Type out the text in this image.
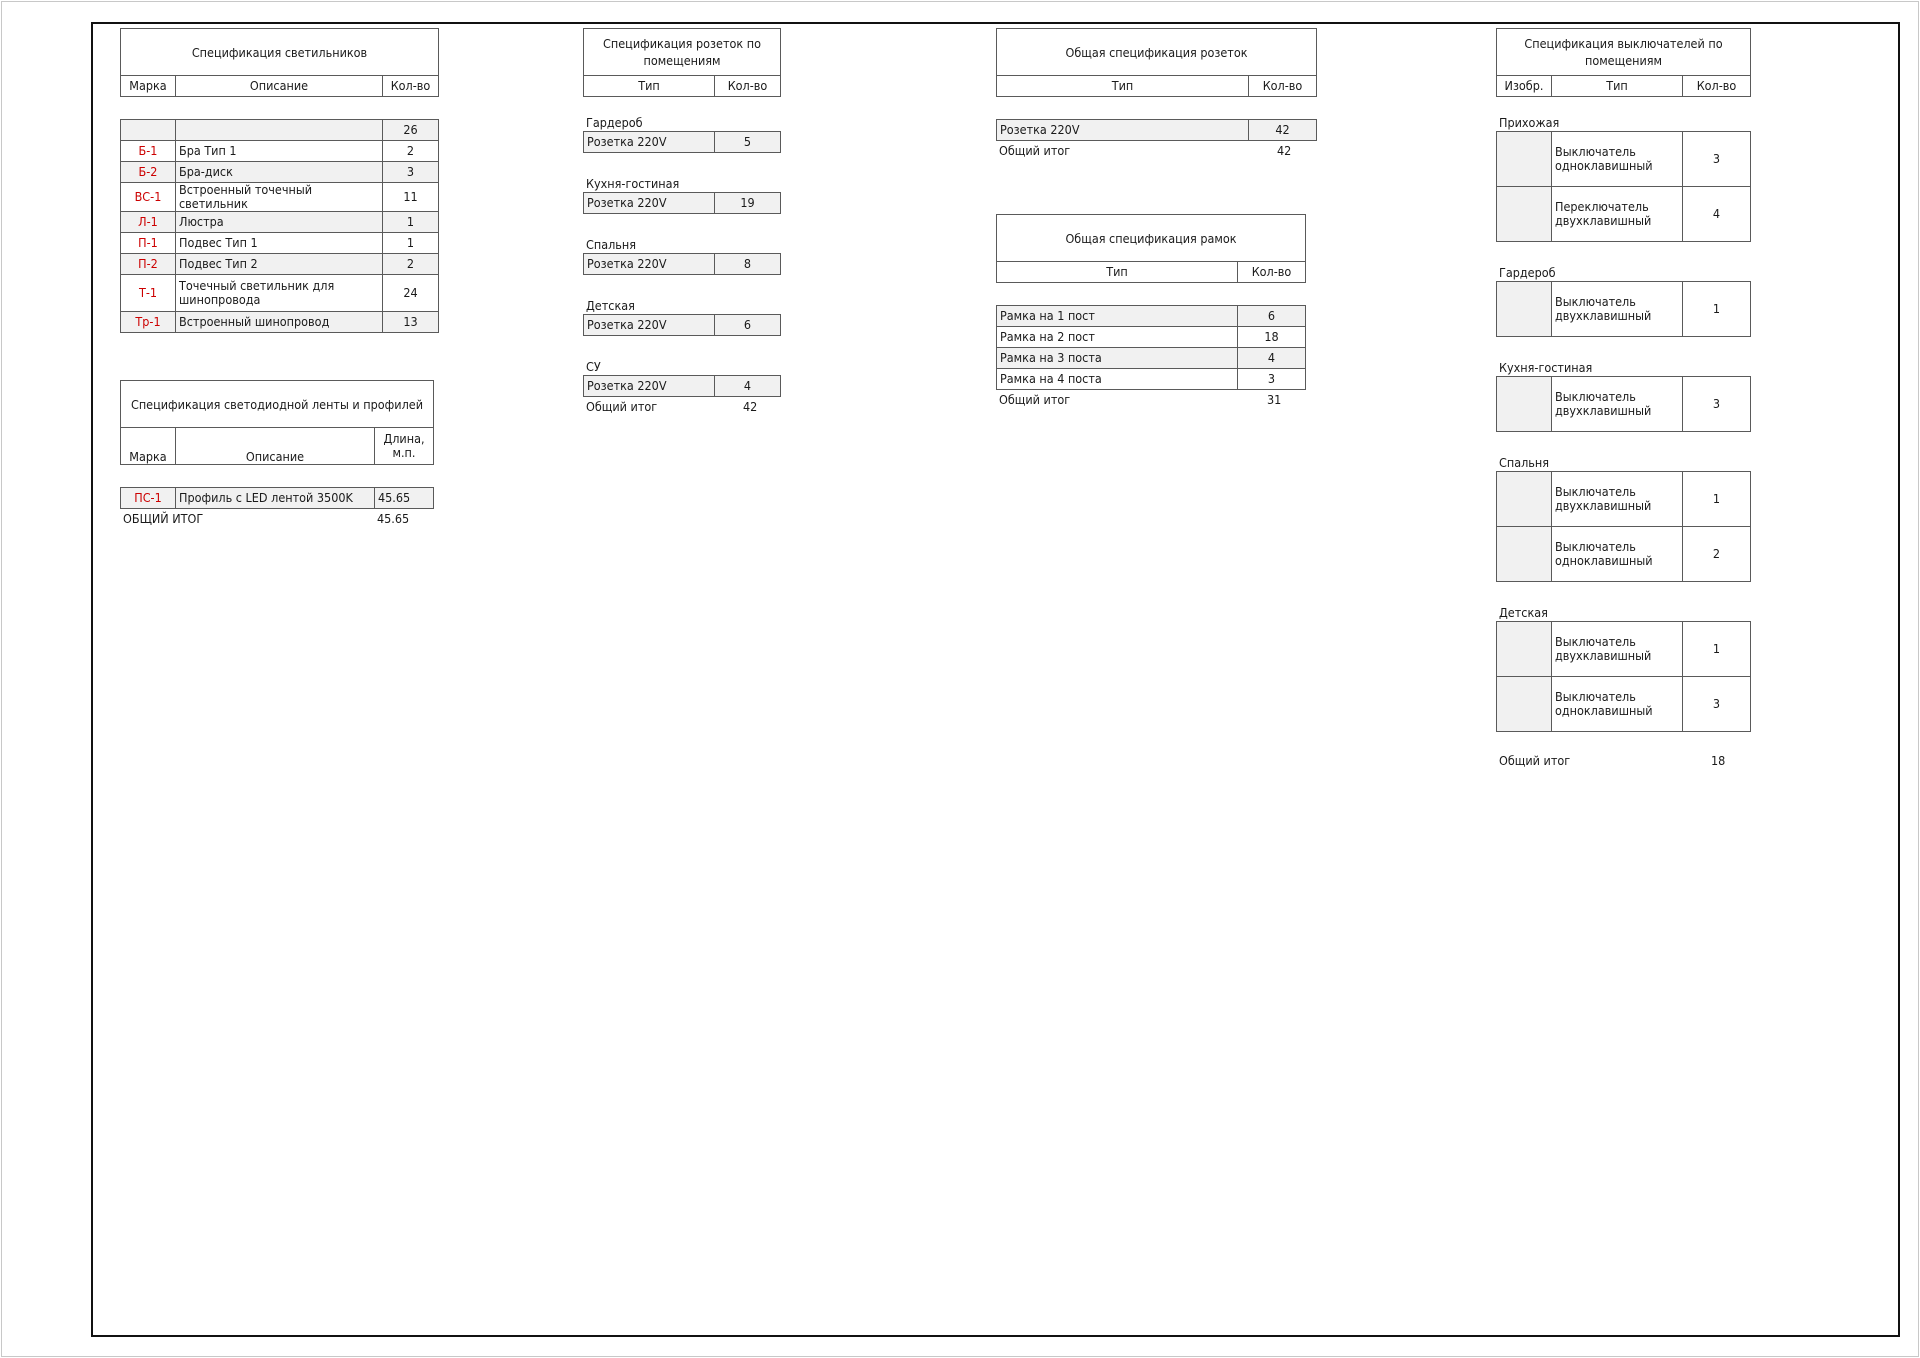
Спецификация светильников
Марка	Описание	Кол-во
		26
Б-1	Бра Тип 1	2
Б-2	Бра-диск	3
ВС-1	Встроенный точечный светильник	11
Л-1	Люстра	1
П-1	Подвес Тип 1	1
П-2	Подвес Тип 2	2
Т-1	Точечный светильник для шинопровода	24
Тр-1	Встроенный шинопровод	13
Спецификация светодиодной ленты и профилей
Марка	Описание	Длина, м.п.
ПС-1	Профиль с LED лентой 3500K	45.65
ОБЩИЙ ИТОГ	45.65
Спецификация розеток по помещениям
Тип	Кол-во
Гардероб
Розетка 220V	5
Кухня-гостиная
Розетка 220V	19
Спальня
Розетка 220V	8
Детская
Розетка 220V	6
СУ
Розетка 220V	4
Общий итог	42
Общая спецификация розеток
Тип	Кол-во
Розетка 220V	42
Общий итог	42
Общая спецификация рамок
Тип	Кол-во
Рамка на 1 пост	6
Рамка на 2 пост	18
Рамка на 3 поста	4
Рамка на 4 поста	3
Общий итог	31
Спецификация выключателей по помещениям
Изобр.	Тип	Кол-во
Прихожая
	Выключатель одноклавишный	3
	Переключатель двухклавишный	4
Гардероб
	Выключатель двухклавишный	1
Кухня-гостиная
	Выключатель двухклавишный	3
Спальня
	Выключатель двухклавишный	1
	Выключатель одноклавишный	2
Детская
	Выключатель двухклавишный	1
	Выключатель одноклавишный	3
Общий итог	18
